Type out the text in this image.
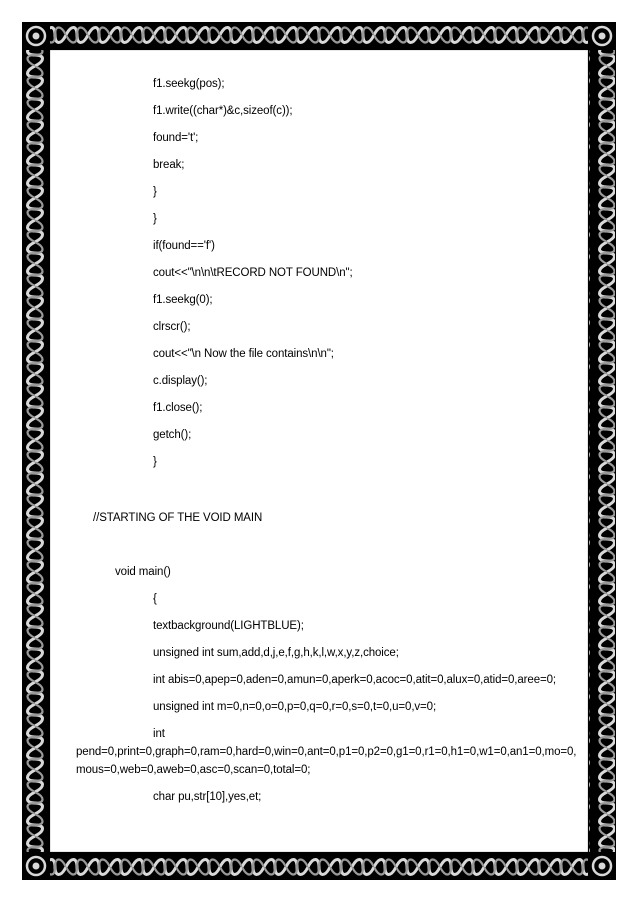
f1.seekg(pos);
f1.write((char*)&c,sizeof(c));
found='t';
break;
}
}
if(found=='f')
cout<<"\n\n\tRECORD NOT FOUND\n";
f1.seekg(0);
clrscr();
cout<<"\n Now the file contains\n\n";
c.display();
f1.close();
getch();
}
//STARTING OF THE VOID MAIN
void main()
{
textbackground(LIGHTBLUE);
unsigned int sum,add,d,j,e,f,g,h,k,l,w,x,y,z,choice;
int abis=0,apep=0,aden=0,amun=0,aperk=0,acoc=0,atit=0,alux=0,atid=0,aree=0;
unsigned int m=0,n=0,o=0,p=0,q=0,r=0,s=0,t=0,u=0,v=0;
int
pend=0,print=0,graph=0,ram=0,hard=0,win=0,ant=0,p1=0,p2=0,g1=0,r1=0,h1=0,w1=0,an1=0,mo=0,
mous=0,web=0,aweb=0,asc=0,scan=0,total=0;
char pu,str[10],yes,et;
